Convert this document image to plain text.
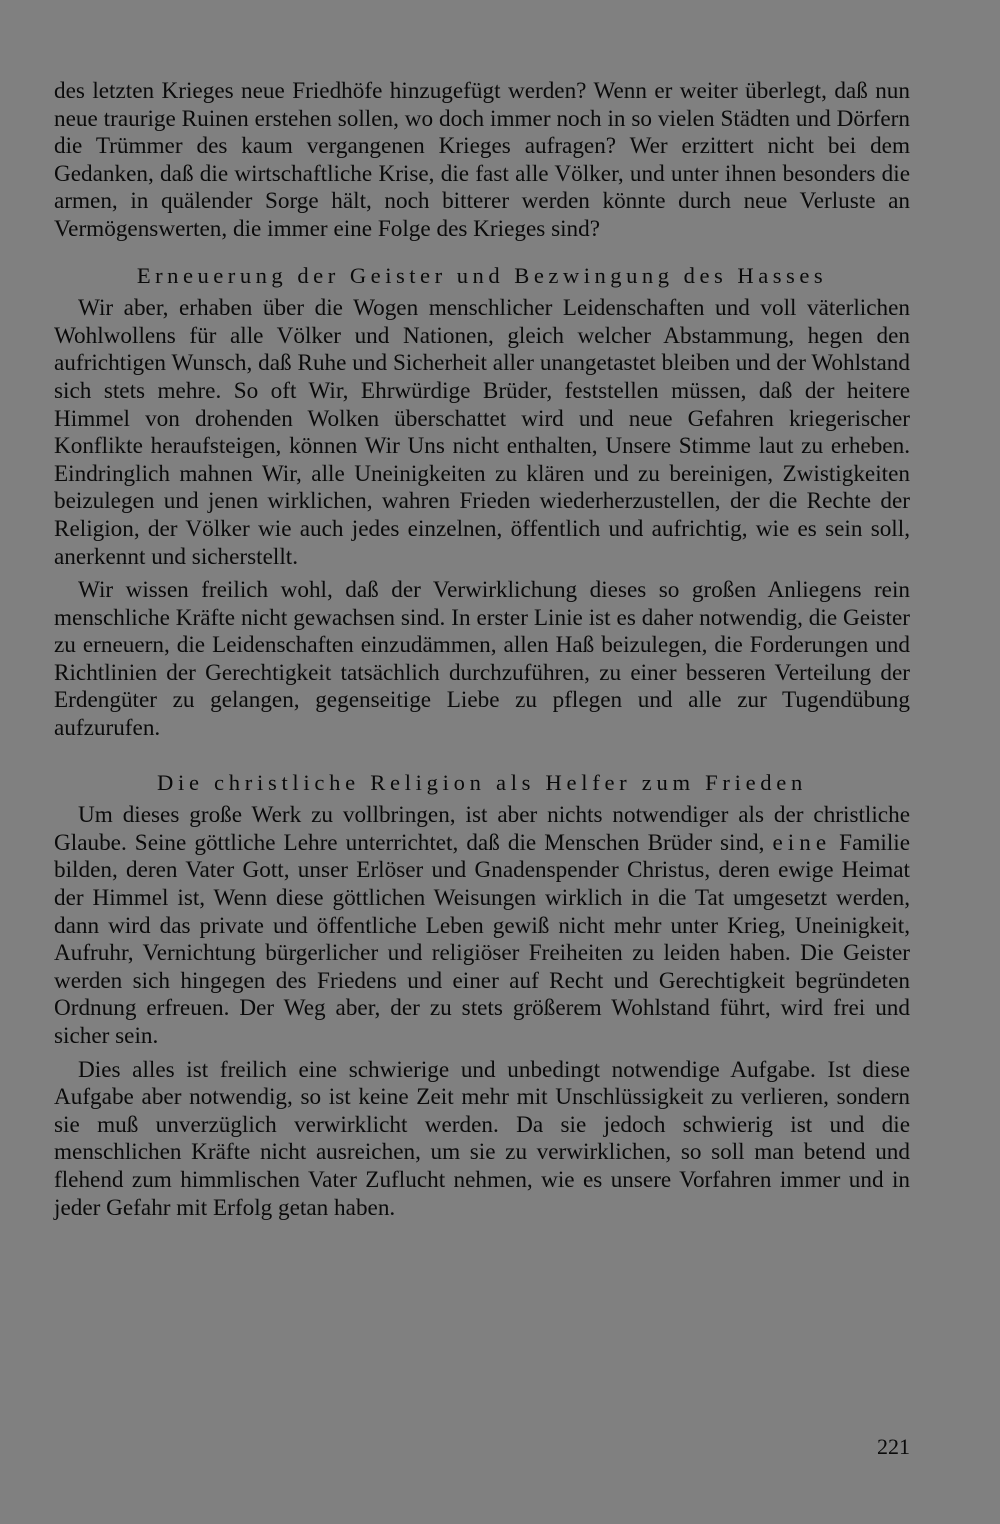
des letzten Krieges neue Friedhöfe hinzugefügt werden? Wenn er weiter überlegt, daß nun neue traurige Ruinen erstehen sollen, wo doch immer noch in so vielen Städten und Dörfern die Trümmer des kaum vergangenen Krieges aufragen? Wer erzittert nicht bei dem Gedanken, daß die wirtschaftliche Krise, die fast alle Völker, und unter ihnen besonders die armen, in quälender Sorge hält, noch bitterer werden könnte durch neue Verluste an Vermögenswerten, die immer eine Folge des Krieges sind?

Erneuerung der Geister und Bezwingung des Hasses

Wir aber, erhaben über die Wogen menschlicher Leidenschaften und voll väterlichen Wohlwollens für alle Völker und Nationen, gleich welcher Abstammung, hegen den aufrichtigen Wunsch, daß Ruhe und Sicherheit aller unangetastet bleiben und der Wohlstand sich stets mehre. So oft Wir, Ehrwürdige Brüder, feststellen müssen, daß der heitere Himmel von drohenden Wolken überschattet wird und neue Gefahren kriegerischer Konflikte heraufsteigen, können Wir Uns nicht enthalten, Unsere Stimme laut zu erheben. Eindringlich mahnen Wir, alle Uneinigkeiten zu klären und zu bereinigen, Zwistigkeiten beizulegen und jenen wirklichen, wahren Frieden wiederherzustellen, der die Rechte der Religion, der Völker wie auch jedes einzelnen, öffentlich und aufrichtig, wie es sein soll, anerkennt und sicherstellt.

Wir wissen freilich wohl, daß der Verwirklichung dieses so großen Anliegens rein menschliche Kräfte nicht gewachsen sind. In erster Linie ist es daher notwendig, die Geister zu erneuern, die Leidenschaften einzudämmen, allen Haß beizulegen, die Forderungen und Richtlinien der Gerechtigkeit tatsächlich durchzuführen, zu einer besseren Verteilung der Erdengüter zu gelangen, gegenseitige Liebe zu pflegen und alle zur Tugendübung aufzurufen.

Die christliche Religion als Helfer zum Frieden

Um dieses große Werk zu vollbringen, ist aber nichts notwendiger als der christliche Glaube. Seine göttliche Lehre unterrichtet, daß die Menschen Brüder sind, eine Familie bilden, deren Vater Gott, unser Erlöser und Gnadenspender Christus, deren ewige Heimat der Himmel ist, Wenn diese göttlichen Weisungen wirklich in die Tat umgesetzt werden, dann wird das private und öffentliche Leben gewiß nicht mehr unter Krieg, Uneinigkeit, Aufruhr, Vernichtung bürgerlicher und religiöser Freiheiten zu leiden haben. Die Geister werden sich hingegen des Friedens und einer auf Recht und Gerechtigkeit begründeten Ordnung erfreuen. Der Weg aber, der zu stets größerem Wohlstand führt, wird frei und sicher sein.

Dies alles ist freilich eine schwierige und unbedingt notwendige Aufgabe. Ist diese Aufgabe aber notwendig, so ist keine Zeit mehr mit Unschlüssigkeit zu verlieren, sondern sie muß unverzüglich verwirklicht werden. Da sie jedoch schwierig ist und die menschlichen Kräfte nicht ausreichen, um sie zu verwirklichen, so soll man betend und flehend zum himmlischen Vater Zuflucht nehmen, wie es unsere Vorfahren immer und in jeder Gefahr mit Erfolg getan haben.

221
